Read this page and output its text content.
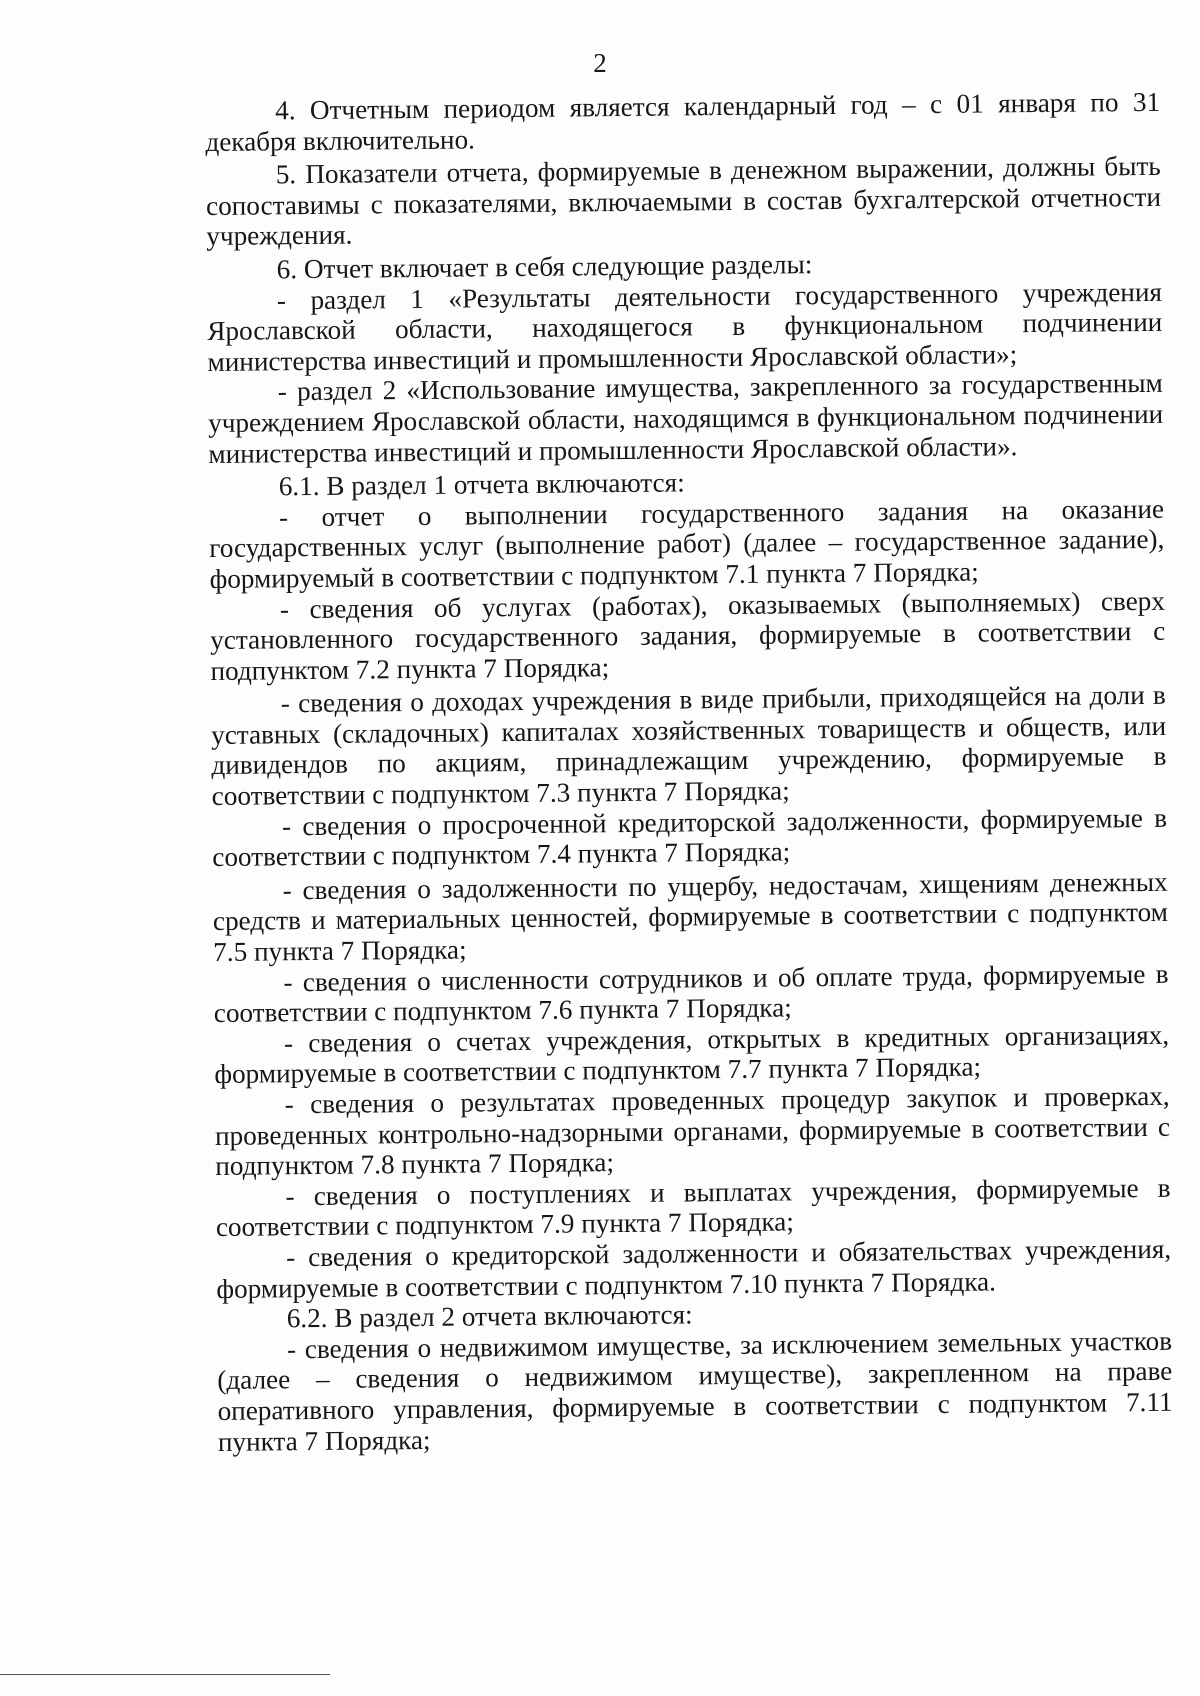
2

4. Отчетным периодом является календарный год – с 01 января по 31 декабря включительно.

5. Показатели отчета, формируемые в денежном выражении, должны быть сопоставимы с показателями, включаемыми в состав бухгалтерской отчетности учреждения.

6. Отчет включает в себя следующие разделы:

- раздел 1 «Результаты деятельности государственного учреждения Ярославской области, находящегося в функциональном подчинении министерства инвестиций и промышленности Ярославской области»;

- раздел 2 «Использование имущества, закрепленного за государственным учреждением Ярославской области, находящимся в функциональном подчинении министерства инвестиций и промышленности Ярославской области».

6.1. В раздел 1 отчета включаются:

- отчет о выполнении государственного задания на оказание государственных услуг (выполнение работ) (далее – государственное задание), формируемый в соответствии с подпунктом 7.1 пункта 7 Порядка;

- сведения об услугах (работах), оказываемых (выполняемых) сверх установленного государственного задания, формируемые в соответствии с подпунктом 7.2 пункта 7 Порядка;

- сведения о доходах учреждения в виде прибыли, приходящейся на доли в уставных (складочных) капиталах хозяйственных товариществ и обществ, или дивидендов по акциям, принадлежащим учреждению, формируемые в соответствии с подпунктом 7.3 пункта 7 Порядка;

- сведения о просроченной кредиторской задолженности, формируемые в соответствии с подпунктом 7.4 пункта 7 Порядка;

- сведения о задолженности по ущербу, недостачам, хищениям денежных средств и материальных ценностей, формируемые в соответствии с подпунктом 7.5 пункта 7 Порядка;

- сведения о численности сотрудников и об оплате труда, формируемые в соответствии с подпунктом 7.6 пункта 7 Порядка;

- сведения о счетах учреждения, открытых в кредитных организациях, формируемые в соответствии с подпунктом 7.7 пункта 7 Порядка;

- сведения о результатах проведенных процедур закупок и проверках, проведенных контрольно-надзорными органами, формируемые в соответствии с подпунктом 7.8 пункта 7 Порядка;

- сведения о поступлениях и выплатах учреждения, формируемые в соответствии с подпунктом 7.9 пункта 7 Порядка;

- сведения о кредиторской задолженности и обязательствах учреждения, формируемые в соответствии с подпунктом 7.10 пункта 7 Порядка.

6.2. В раздел 2 отчета включаются:

- сведения о недвижимом имуществе, за исключением земельных участков (далее – сведения о недвижимом имуществе), закрепленном на праве оперативного управления, формируемые в соответствии с подпунктом 7.11 пункта 7 Порядка;
